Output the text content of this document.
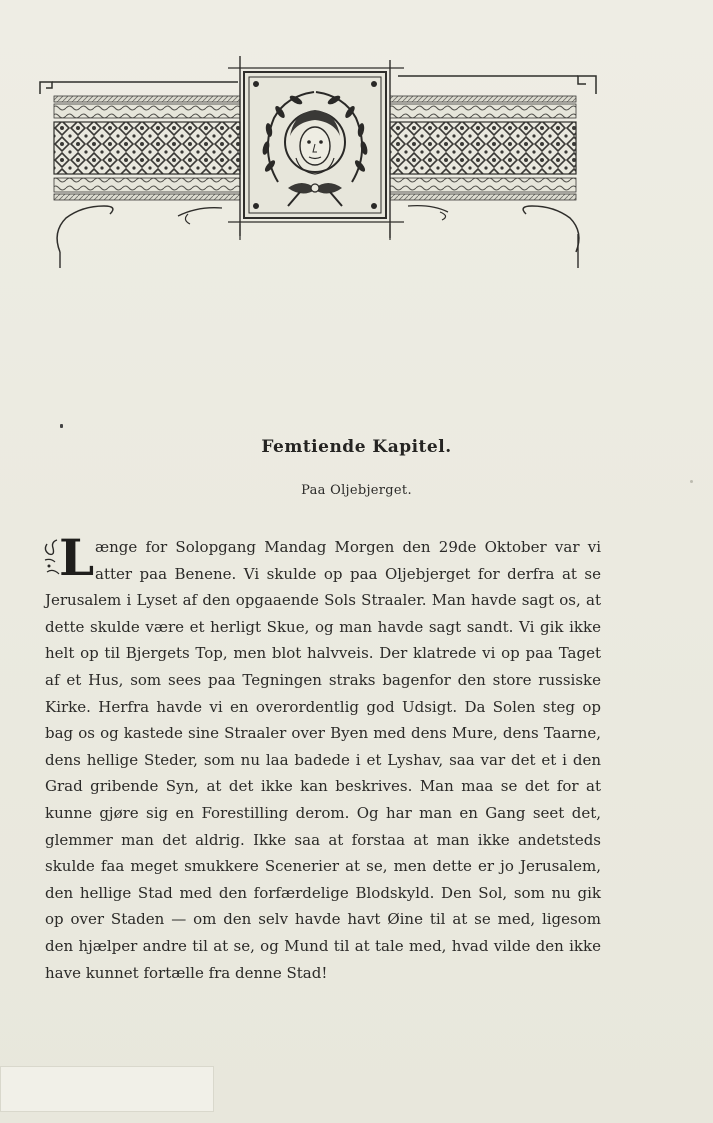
Femtiende Kapitel.
Paa Oljebjerget.
L ænge for Solopgang Mandag Morgen den 29de Oktober var vi atter paa Benene. Vi skulde op paa Oljebjerget for derfra at se Jerusalem i Lyset af den opgaaende Sols Straaler. Man havde sagt os, at dette skulde være et herligt Skue, og man havde sagt sandt. Vi gik ikke helt op til Bjergets Top, men blot halvveis. Der klatrede vi op paa Taget af et Hus, som sees paa Tegningen straks bagenfor den store russiske Kirke. Herfra havde vi en overordentlig god Udsigt. Da Solen steg op bag os og kastede sine Straaler over Byen med dens Mure, dens Taarne, dens hellige Steder, som nu laa badede i et Lyshav, saa var det et i den Grad gribende Syn, at det ikke kan beskrives. Man maa se det for at kunne gjøre sig en Forestilling derom. Og har man en Gang seet det, glemmer man det aldrig. Ikke saa at forstaa at man ikke andetsteds skulde faa meget smukkere Scenerier at se, men dette er jo Jerusalem, den hellige Stad med den forfærdelige Blodskyld. Den Sol, som nu gik op over Staden — om den selv havde havt Øine til at se med, ligesom den hjælper andre til at se, og Mund til at tale med, hvad vilde den ikke have kunnet fortælle fra denne Stad!
